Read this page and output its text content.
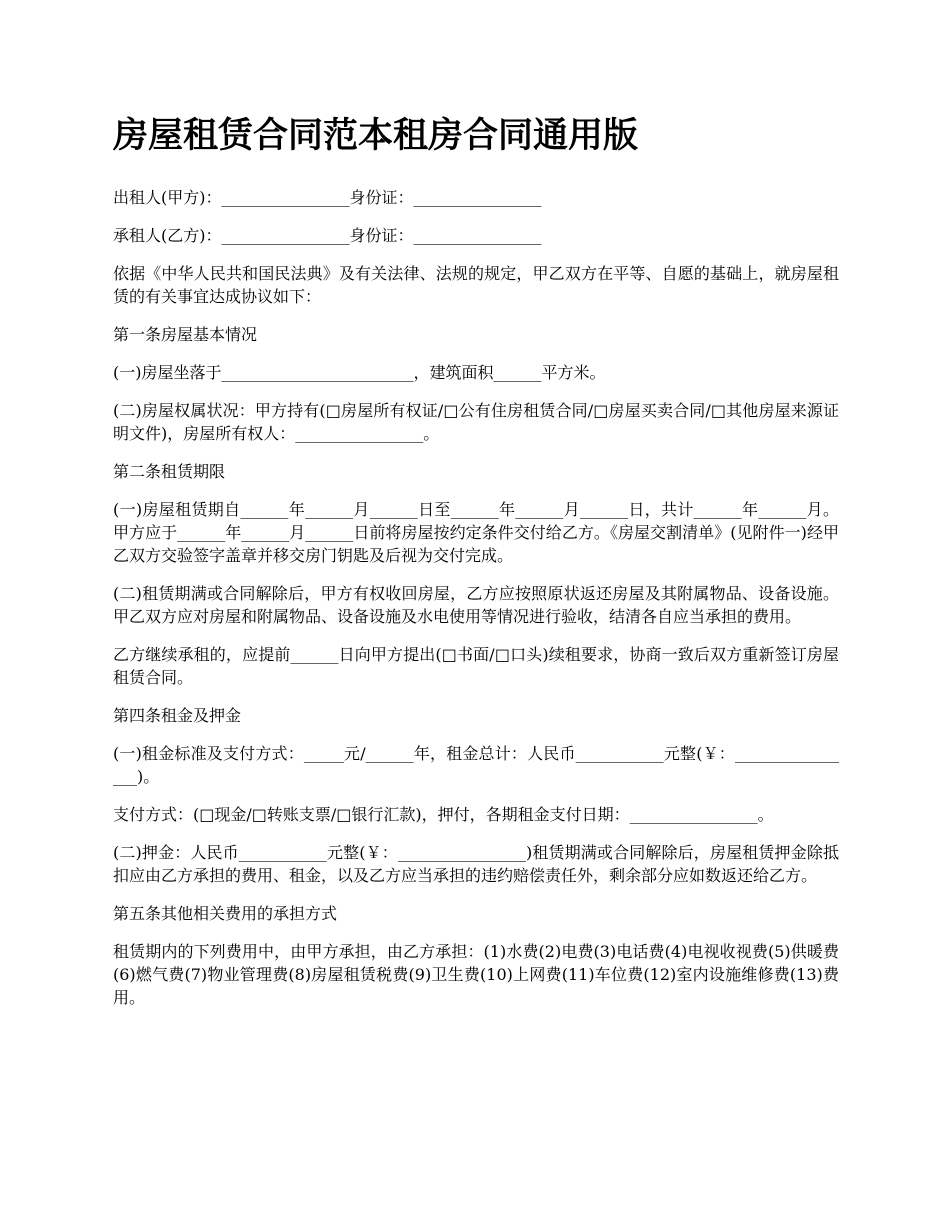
房屋租赁合同范本租房合同通用版

出租人(甲方)：________________身份证：________________

承租人(乙方)：________________身份证：________________

依据《中华人民共和国民法典》及有关法律、法规的规定，甲乙双方在平等、自愿的基础上，就房屋租赁的有关事宜达成协议如下：

第一条房屋基本情况

(一)房屋坐落于________________________，建筑面积______平方米。

(二)房屋权属状况：甲方持有(□房屋所有权证/□公有住房租赁合同/□房屋买卖合同/□其他房屋来源证明文件)，房屋所有权人：________________。

第二条租赁期限

(一)房屋租赁期自______年______月______日至______年______月______日，共计______年______月。甲方应于______年______月______日前将房屋按约定条件交付给乙方。《房屋交割清单》(见附件一)经甲乙双方交验签字盖章并移交房门钥匙及后视为交付完成。

(二)租赁期满或合同解除后，甲方有权收回房屋，乙方应按照原状返还房屋及其附属物品、设备设施。甲乙双方应对房屋和附属物品、设备设施及水电使用等情况进行验收，结清各自应当承担的费用。

乙方继续承租的，应提前______日向甲方提出(□书面/□口头)续租要求，协商一致后双方重新签订房屋租赁合同。

第四条租金及押金

(一)租金标准及支付方式：_____元/______年，租金总计：人民币___________元整(￥：________________)。

支付方式：(□现金/□转账支票/□银行汇款)，押付，各期租金支付日期：________________。

(二)押金：人民币___________元整(￥：________________)租赁期满或合同解除后，房屋租赁押金除抵扣应由乙方承担的费用、租金，以及乙方应当承担的违约赔偿责任外，剩余部分应如数返还给乙方。

第五条其他相关费用的承担方式

租赁期内的下列费用中，由甲方承担，由乙方承担：(1)水费(2)电费(3)电话费(4)电视收视费(5)供暖费(6)燃气费(7)物业管理费(8)房屋租赁税费(9)卫生费(10)上网费(11)车位费(12)室内设施维修费(13)费用。
